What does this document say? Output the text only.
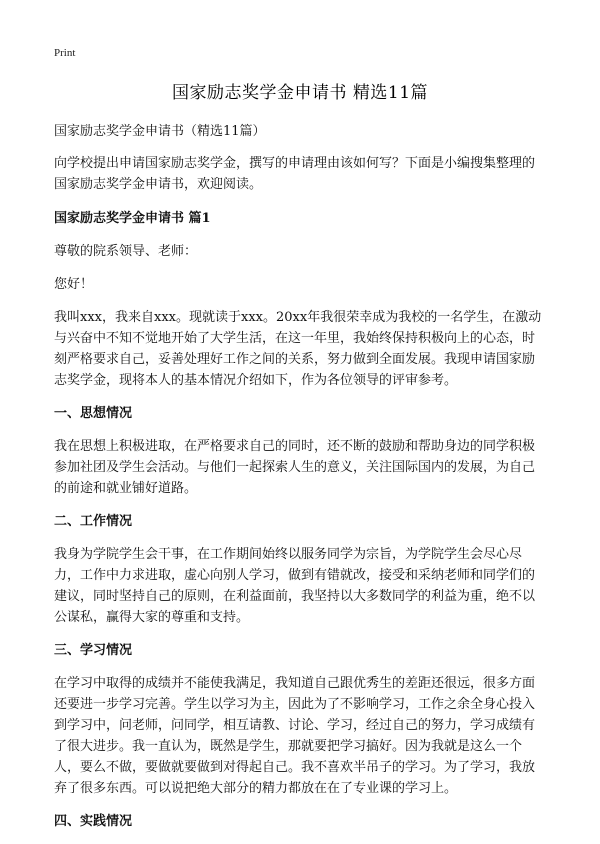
Print
国家励志奖学金申请书 精选11篇

国家励志奖学金申请书（精选11篇）

向学校提出申请国家励志奖学金，撰写的申请理由该如何写？下面是小编搜集整理的国家励志奖学金申请书，欢迎阅读。

国家励志奖学金申请书 篇1

尊敬的院系领导、老师：

您好！

我叫xxx，我来自xxx。现就读于xxx。20xx年我很荣幸成为我校的一名学生，在激动与兴奋中不知不觉地开始了大学生活，在这一年里，我始终保持积极向上的心态，时刻严格要求自己，妥善处理好工作之间的关系，努力做到全面发展。我现申请国家励志奖学金，现将本人的基本情况介绍如下，作为各位领导的评审参考。

一、思想情况

我在思想上积极进取，在严格要求自己的同时，还不断的鼓励和帮助身边的同学积极参加社团及学生会活动。与他们一起探索人生的意义，关注国际国内的发展，为自己的前途和就业铺好道路。

二、工作情况

我身为学院学生会干事，在工作期间始终以服务同学为宗旨，为学院学生会尽心尽力，工作中力求进取，虚心向别人学习，做到有错就改，接受和采纳老师和同学们的建议，同时坚持自己的原则，在利益面前，我坚持以大多数同学的利益为重，绝不以公谋私，赢得大家的尊重和支持。

三、学习情况

在学习中取得的成绩并不能使我满足，我知道自己跟优秀生的差距还很远，很多方面还要进一步学习完善。学生以学习为主，因此为了不影响学习，工作之余全身心投入到学习中，问老师，问同学，相互请教、讨论、学习，经过自己的努力，学习成绩有了很大进步。我一直认为，既然是学生，那就要把学习搞好。因为我就是这么一个人，要么不做，要做就要做到对得起自己。我不喜欢半吊子的学习。为了学习，我放弃了很多东西。可以说把绝大部分的精力都放在在了专业课的学习上。

四、实践情况
